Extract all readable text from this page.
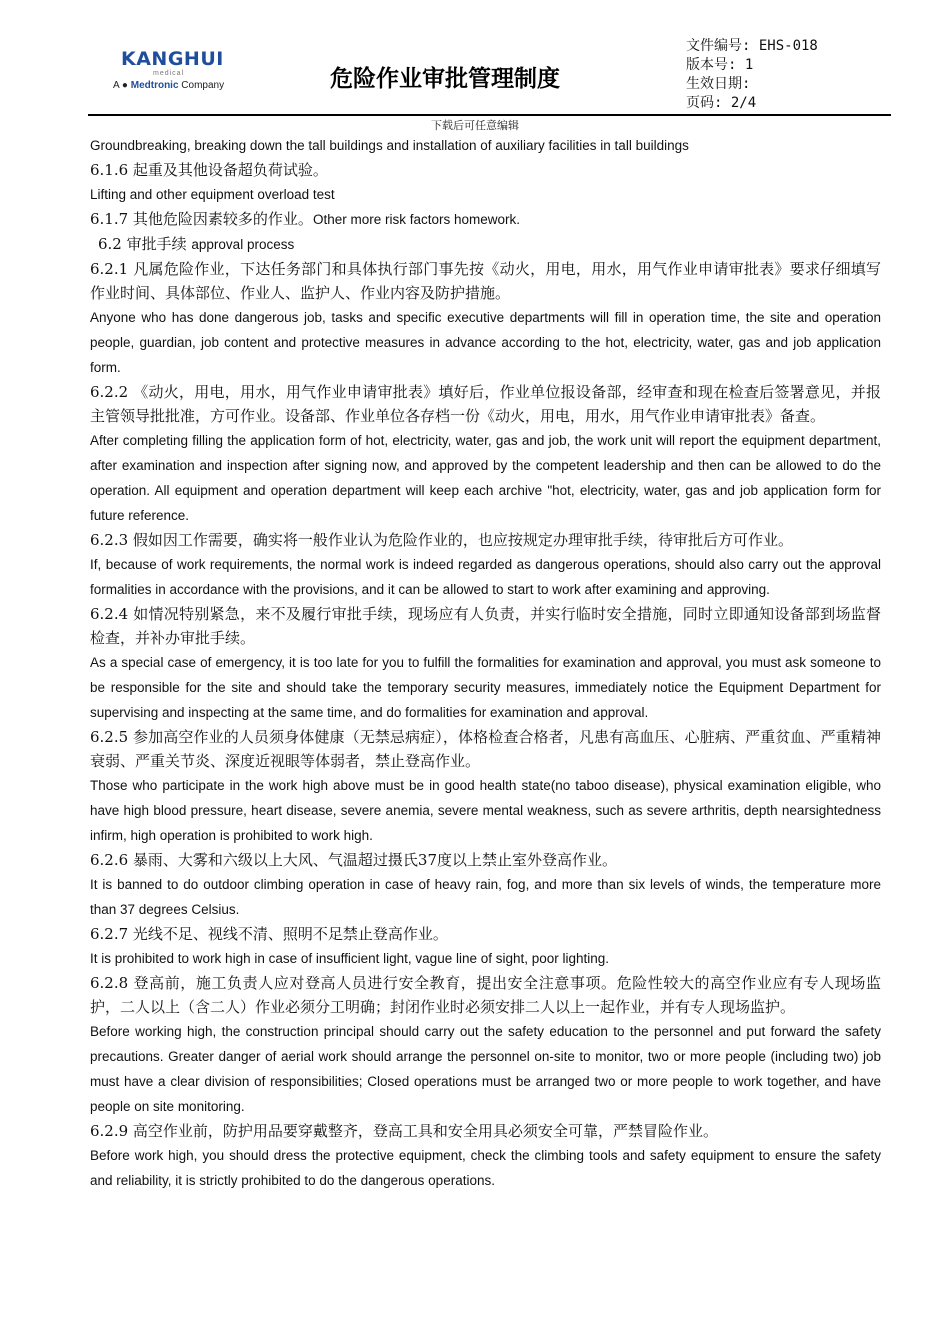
KANGHUI
medical
A ● Medtronic Company	危险作业审批管理制度
文件编号: EHS-018
版本号: 1
生效日期:
页码: 2/4
下载后可任意编辑

Groundbreaking, breaking down the tall buildings and installation of auxiliary facilities in tall buildings

6.1.6 起重及其他设备超负荷试验。

Lifting and other equipment overload test

6.1.7 其他危险因素较多的作业。Other more risk factors homework.

6.2 审批手续 approval process

6.2.1 凡属危险作业，下达任务部门和具体执行部门事先按《动火，用电，用水，用气作业申请审批表》要求仔细填写作业时间、具体部位、作业人、监护人、作业内容及防护措施。

Anyone who has done dangerous job, tasks and specific executive departments will fill in operation time, the site and operation people, guardian, job content and protective measures in advance according to the hot, electricity, water, gas and job application form.

6.2.2 《动火，用电，用水，用气作业申请审批表》填好后，作业单位报设备部，经审查和现在检查后签署意见，并报主管领导批批准，方可作业。设备部、作业单位各存档一份《动火，用电，用水，用气作业申请审批表》备查。

After completing filling the application form of hot, electricity, water, gas and job, the work unit will report the equipment department, after examination and inspection after signing now, and approved by the competent leadership and then can be allowed to do the operation. All equipment and operation department will keep each archive "hot, electricity, water, gas and job application form for future reference.

6.2.3 假如因工作需要，确实将一般作业认为危险作业的，也应按规定办理审批手续，待审批后方可作业。

If, because of work requirements, the normal work is indeed regarded as dangerous operations, should also carry out the approval formalities in accordance with the provisions, and it can be allowed to start to work after examining and approving.

6.2.4 如情况特别紧急，来不及履行审批手续，现场应有人负责，并实行临时安全措施，同时立即通知设备部到场监督检查，并补办审批手续。

As a special case of emergency, it is too late for you to fulfill the formalities for examination and approval, you must ask someone to be responsible for the site and should take the temporary security measures, immediately notice the Equipment Department for supervising and inspecting at the same time, and do formalities for examination and approval.

6.2.5 参加高空作业的人员须身体健康（无禁忌病症），体格检查合格者，凡患有高血压、心脏病、严重贫血、严重精神衰弱、严重关节炎、深度近视眼等体弱者，禁止登高作业。

Those who participate in the work high above must be in good health state(no taboo disease), physical examination eligible, who have high blood pressure, heart disease, severe anemia, severe mental weakness, such as severe arthritis, depth nearsightedness infirm, high operation is prohibited to work high.

6.2.6 暴雨、大雾和六级以上大风、气温超过摄氏37度以上禁止室外登高作业。

It is banned to do outdoor climbing operation in case of heavy rain, fog, and more than six levels of winds, the temperature more than 37 degrees Celsius.

6.2.7 光线不足、视线不清、照明不足禁止登高作业。

It is prohibited to work high in case of insufficient light, vague line of sight, poor lighting.

6.2.8 登高前，施工负责人应对登高人员进行安全教育，提出安全注意事项。危险性较大的高空作业应有专人现场监护，二人以上（含二人）作业必须分工明确；封闭作业时必须安排二人以上一起作业，并有专人现场监护。

Before working high, the construction principal should carry out the safety education to the personnel and put forward the safety precautions. Greater danger of aerial work should arrange the personnel on-site to monitor, two or more people (including two) job must have a clear division of responsibilities; Closed operations must be arranged two or more people to work together, and have people on site monitoring.

6.2.9 高空作业前，防护用品要穿戴整齐，登高工具和安全用具必须安全可靠，严禁冒险作业。

Before work high, you should dress the protective equipment, check the climbing tools and safety equipment to ensure the safety and reliability, it is strictly prohibited to do the dangerous operations.
